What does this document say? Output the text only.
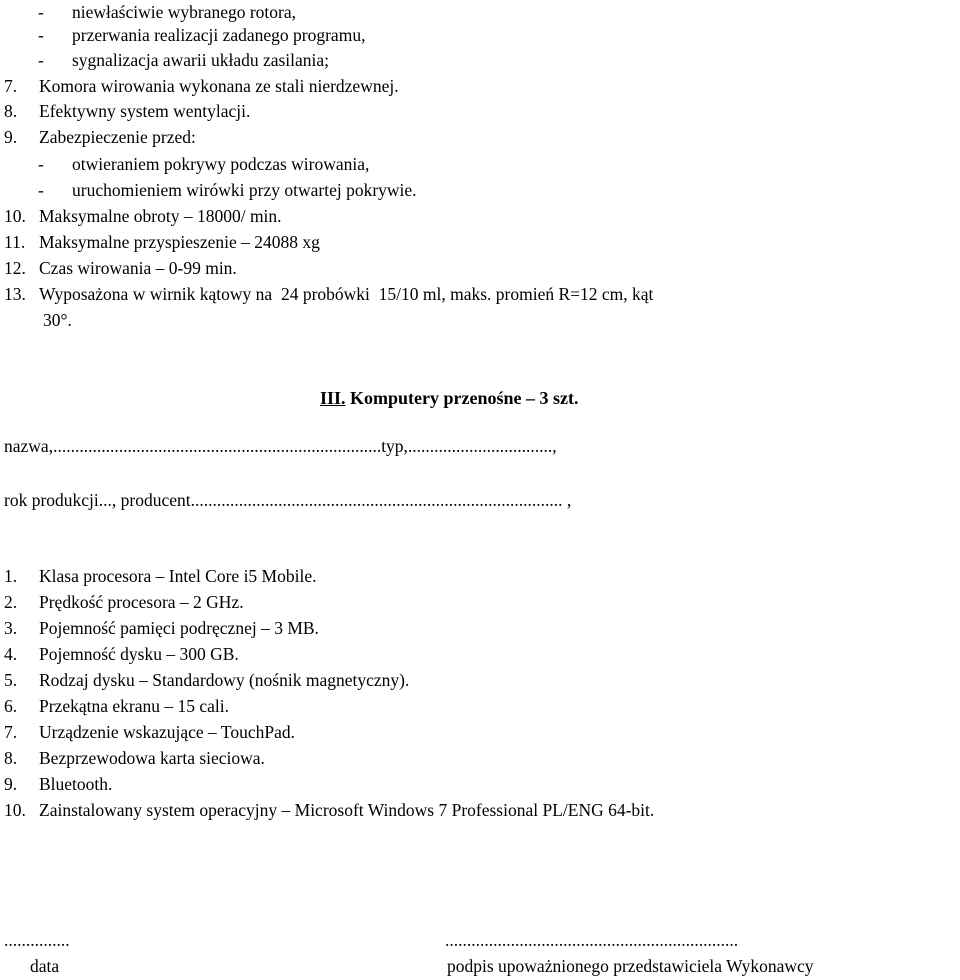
- niewłaściwie wybranego rotora,
- przerwania realizacji zadanego programu,
- sygnalizacja awarii układu zasilania;
7. Komora wirowania wykonana ze stali nierdzewnej.
8. Efektywny system wentylacji.
9. Zabezpieczenie przed:
- otwieraniem pokrywy podczas wirowania,
- uruchomieniem wirówki przy otwartej pokrywie.
10. Maksymalne obroty – 18000/ min.
11. Maksymalne przyspieszenie – 24088 xg
12. Czas wirowania – 0-99 min.
13. Wyposażona w wirnik kątowy na  24 probówki  15/10 ml, maks. promień R=12 cm, kąt
30°.
III. Komputery przenośne – 3 szt.
nazwa,...........................................................................typ,.................................,
rok produkcji..., producent..................................................................................... ,
1. Klasa procesora – Intel Core i5 Mobile.
2. Prędkość procesora – 2 GHz.
3. Pojemność pamięci podręcznej – 3 MB.
4. Pojemność dysku – 300 GB.
5. Rodzaj dysku – Standardowy (nośnik magnetyczny).
6. Przekątna ekranu – 15 cali.
7. Urządzenie wskazujące – TouchPad.
8. Bezprzewodowa karta sieciowa.
9. Bluetooth.
10. Zainstalowany system operacyjny – Microsoft Windows 7 Professional PL/ENG 64-bit.
...............
data
...................................................................
podpis upoważnionego przedstawiciela Wykonawcy
